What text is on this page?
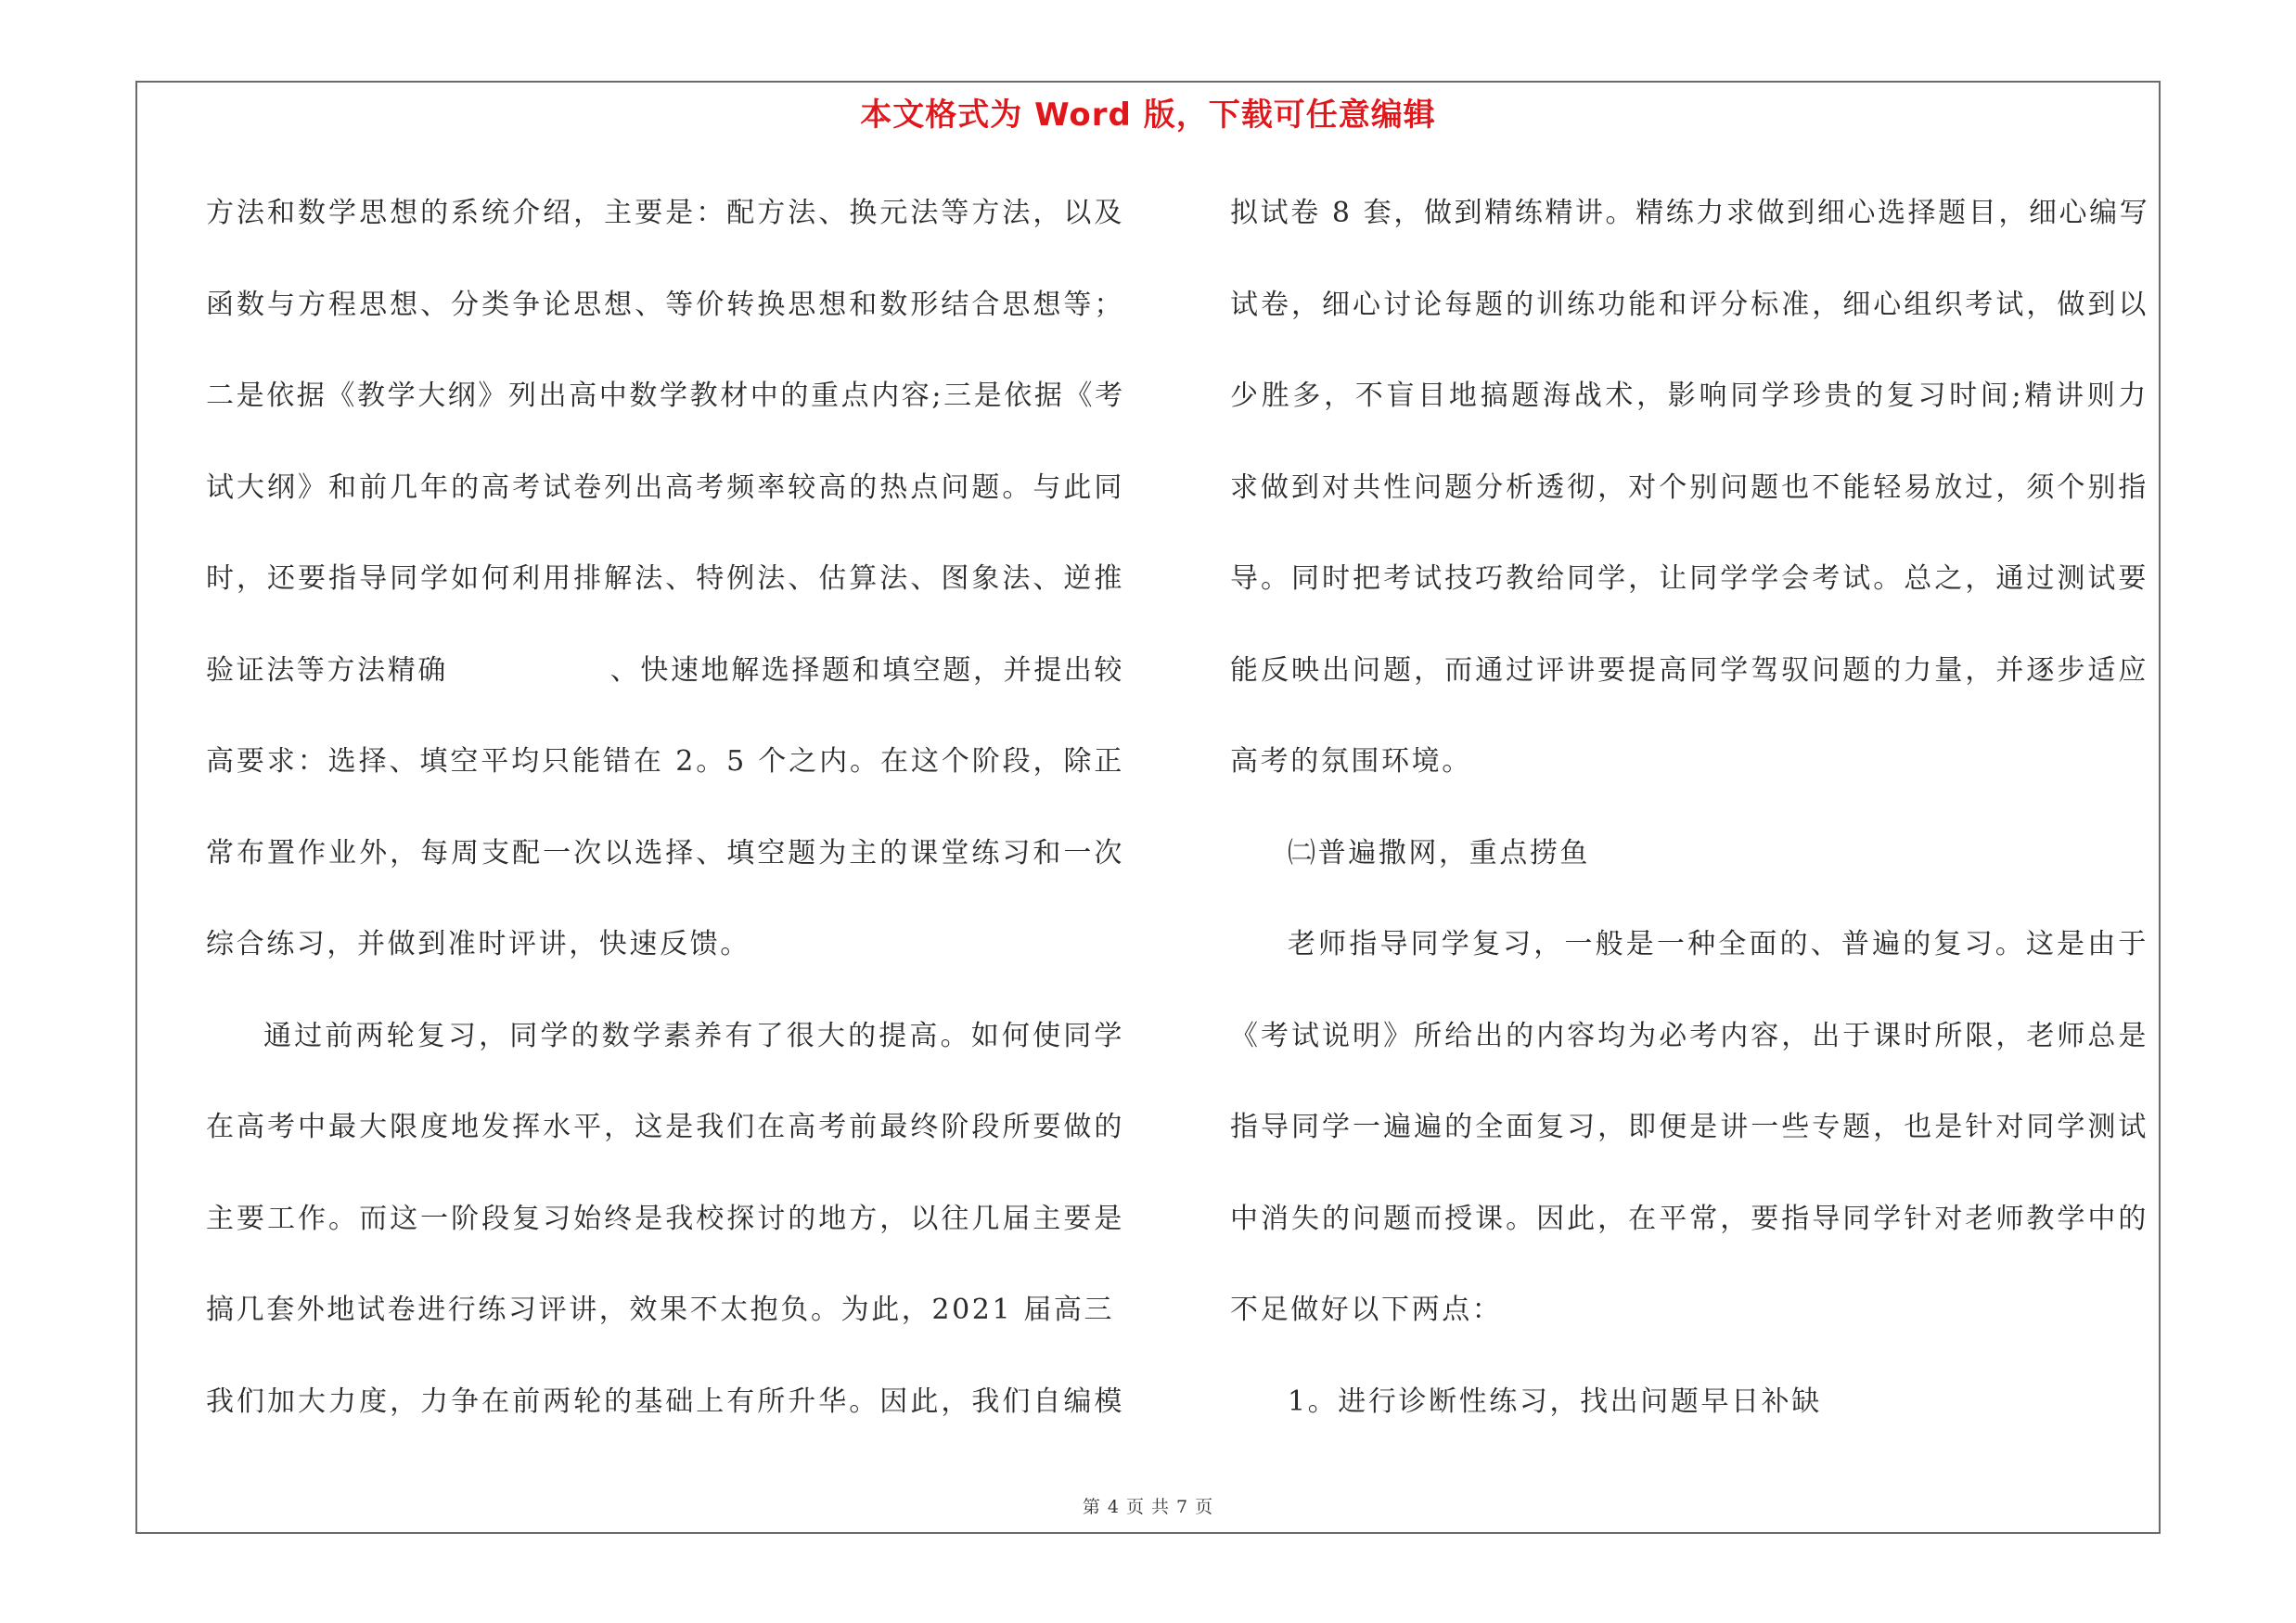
本文格式为 Word 版，下载可任意编辑
方法和数学思想的系统介绍，主要是：配方法、换元法等方法，以及
函数与方程思想、分类争论思想、等价转换思想和数形结合思想等；
二是依据《教学大纲》列出高中数学教材中的重点内容;三是依据《考
试大纲》和前几年的高考试卷列出高考频率较高的热点问题。与此同
时，还要指导同学如何利用排解法、特例法、估算法、图象法、逆推
验证法等方法精确	、快速地解选择题和填空题，并提出较
高要求：选择、填空平均只能错在 2。5 个之内。在这个阶段，除正
常布置作业外，每周支配一次以选择、填空题为主的课堂练习和一次
综合练习，并做到准时评讲，快速反馈。
通过前两轮复习，同学的数学素养有了很大的提高。如何使同学
在高考中最大限度地发挥水平，这是我们在高考前最终阶段所要做的
主要工作。而这一阶段复习始终是我校探讨的地方，以往几届主要是
搞几套外地试卷进行练习评讲，效果不太抱负。为此，2021 届高三
我们加大力度，力争在前两轮的基础上有所升华。因此，我们自编模
拟试卷 8 套，做到精练精讲。精练力求做到细心选择题目，细心编写
试卷，细心讨论每题的训练功能和评分标准，细心组织考试，做到以
少胜多，不盲目地搞题海战术，影响同学珍贵的复习时间;精讲则力
求做到对共性问题分析透彻，对个别问题也不能轻易放过，须个别指
导。同时把考试技巧教给同学，让同学学会考试。总之，通过测试要
能反映出问题，而通过评讲要提高同学驾驭问题的力量，并逐步适应
高考的氛围环境。
㈡普遍撒网，重点捞鱼
老师指导同学复习，一般是一种全面的、普遍的复习。这是由于
《考试说明》所给出的内容均为必考内容，出于课时所限，老师总是
指导同学一遍遍的全面复习，即便是讲一些专题，也是针对同学测试
中消失的问题而授课。因此，在平常，要指导同学针对老师教学中的
不足做好以下两点：
1。进行诊断性练习，找出问题早日补缺
第 4 页 共 7 页
